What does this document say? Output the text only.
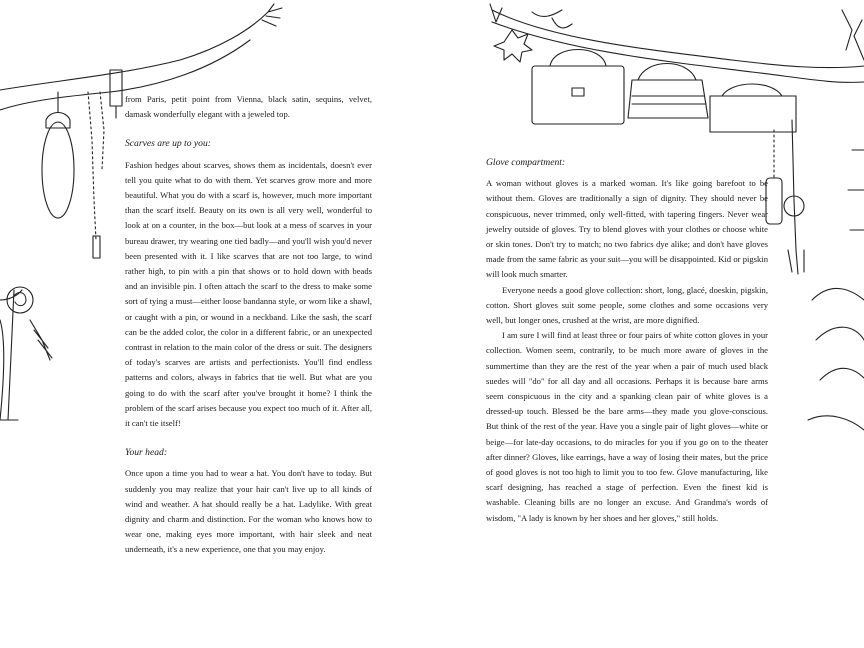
from Paris, petit point from Vienna, black satin, sequins, velvet, damask wonderfully elegant with a jeweled top.

Scarves are up to you:

Fashion hedges about scarves, shows them as incidentals, doesn't ever tell you quite what to do with them. Yet scarves grow more and more beautiful. What you do with a scarf is, however, much more important than the scarf itself. Beauty on its own is all very well, wonderful to look at on a counter, in the box—but look at a mess of scarves in your bureau drawer, try wearing one tied badly—and you'll wish you'd never been presented with it. I like scarves that are not too large, to wind rather high, to pin with a pin that shows or to hold down with beads and an invisible pin. I often attach the scarf to the dress to make some sort of tying a must—either loose bandanna style, or worn like a shawl, or caught with a pin, or wound in a neckband. Like the sash, the scarf can be the added color, the color in a different fabric, or an unexpected contrast in relation to the main color of the dress or suit. The designers of today's scarves are artists and perfectionists. You'll find endless patterns and colors, always in fabrics that tie well. But what are you going to do with the scarf after you've brought it home? I think the problem of the scarf arises because you expect too much of it. After all, it can't tie itself!

Your head:

Once upon a time you had to wear a hat. You don't have to today. But suddenly you may realize that your hair can't live up to all kinds of wind and weather. A hat should really be a hat. Ladylike. With great dignity and charm and distinction. For the woman who knows how to wear one, making eyes more important, with hair sleek and neat underneath, it's a new experience, one that you may enjoy.

Glove compartment:

A woman without gloves is a marked woman. It's like going barefoot to be without them. Gloves are traditionally a sign of dignity. They should never be conspicuous, never trimmed, only well-fitted, with tapering fingers. Never wear jewelry outside of gloves. Try to blend gloves with your clothes or choose white or skin tones. Don't try to match; no two fabrics dye alike; and don't have gloves made from the same fabric as your suit—you will be disappointed. Kid or pigskin will look much smarter.

Everyone needs a good glove collection: short, long, glacé, doeskin, pigskin, cotton. Short gloves suit some people, some clothes and some occasions very well, but longer ones, crushed at the wrist, are more dignified.

I am sure I will find at least three or four pairs of white cotton gloves in your collection. Women seem, contrarily, to be much more aware of gloves in the summertime than they are the rest of the year when a pair of much used black suedes will "do" for all day and all occasions. Perhaps it is because bare arms seem conspicuous in the city and a spanking clean pair of white gloves is a dressed-up touch. Blessed be the bare arms—they made you glove-conscious. But think of the rest of the year. Have you a single pair of light gloves—white or beige—for late-day occasions, to do miracles for you if you go on to the theater after dinner? Gloves, like earrings, have a way of losing their mates, but the price of good gloves is not too high to limit you to too few. Glove manufacturing, like scarf designing, has reached a stage of perfection. Even the finest kid is washable. Cleaning bills are no longer an excuse. And Grandma's words of wisdom, "A lady is known by her shoes and her gloves," still holds.
